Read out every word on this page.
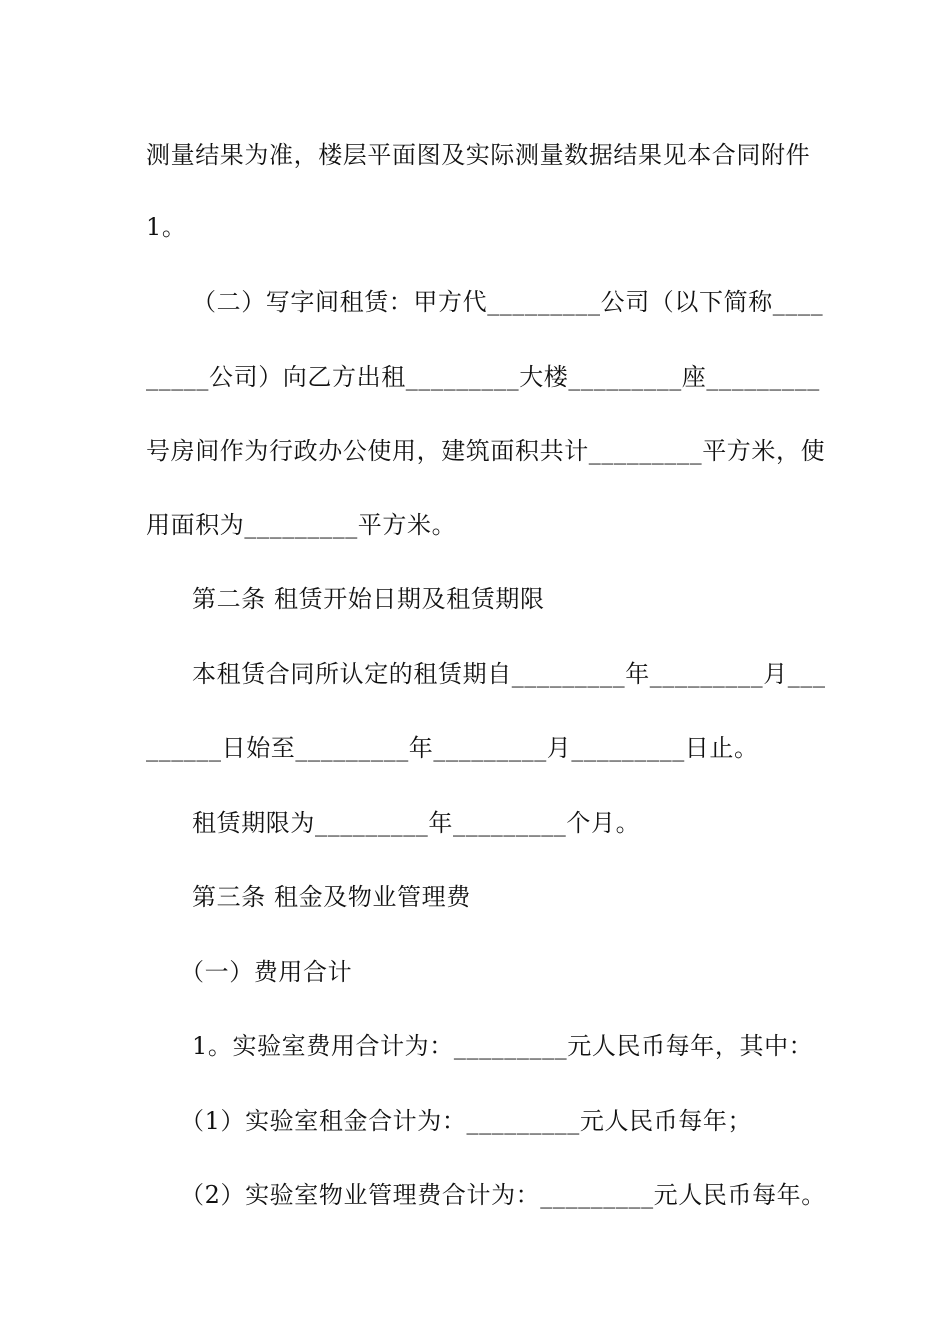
测量结果为准，楼层平面图及实际测量数据结果见本合同附件
1。
（二）写字间租赁：甲方代_________公司（以下简称____
_____公司）向乙方出租_________大楼_________座_________
号房间作为行政办公使用，建筑面积共计_________平方米，使
用面积为_________平方米。
第二条 租赁开始日期及租赁期限
本租赁合同所认定的租赁期自_________年_________月___
______日始至_________年_________月_________日止。
租赁期限为_________年_________个月。
第三条 租金及物业管理费
（一）费用合计
1。实验室费用合计为：_________元人民币每年，其中：
（1）实验室租金合计为：_________元人民币每年；
（2）实验室物业管理费合计为：_________元人民币每年。
